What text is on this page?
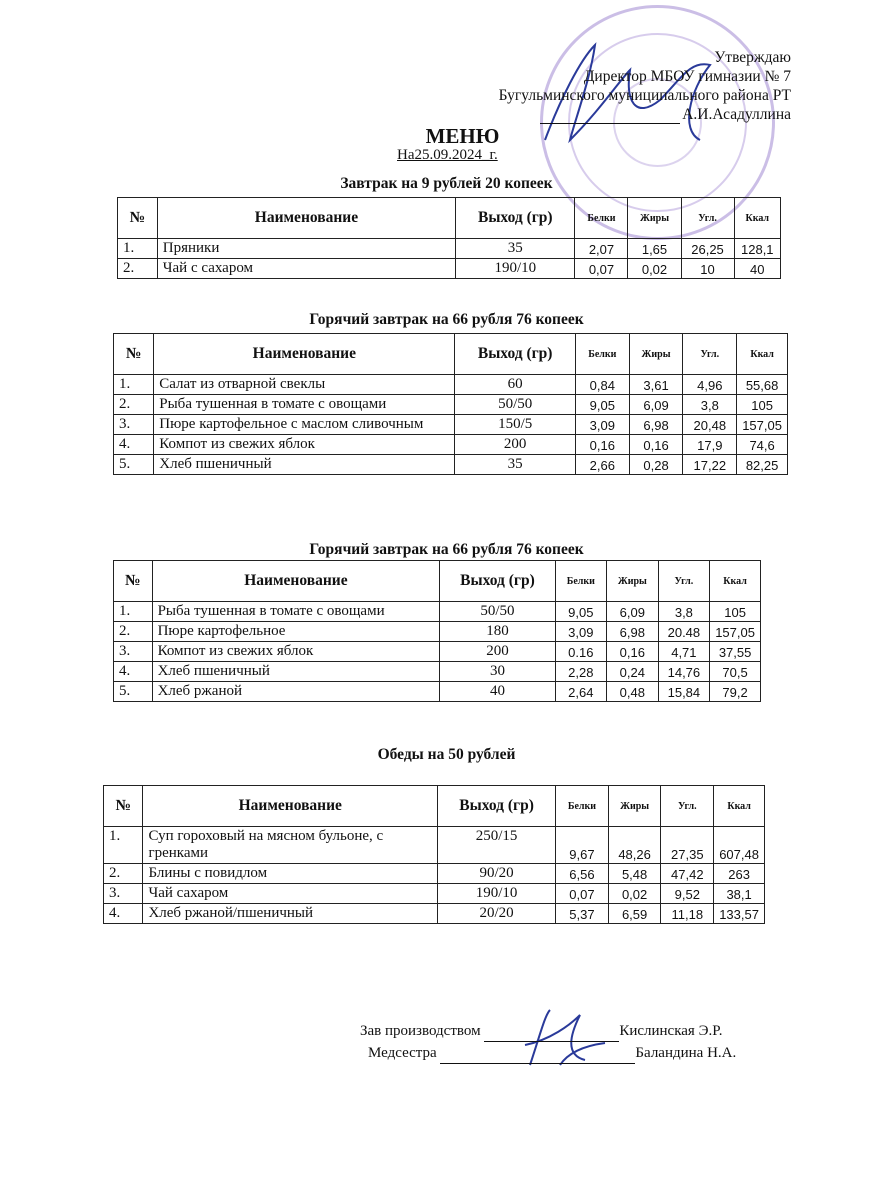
Утверждаю
Директор МБОУ гимназии № 7
Бугульминского муниципального района РТ
А.И.Асадуллина
МЕНЮ
На25.09.2024_г.
Завтрак на 9 рублей 20 копеек
№	Наименование	Выход (гр)	Белки	Жиры	Угл.	Ккал
1.	Пряники	35	2,07	1,65	26,25	128,1
2.	Чай с сахаром	190/10	0,07	0,02	10	40
Горячий завтрак на 66 рубля 76 копеек
№	Наименование	Выход (гр)	Белки	Жиры	Угл.	Ккал
1.	Салат из отварной свеклы	60	0,84	3,61	4,96	55,68
2.	Рыба тушенная в томате с овощами	50/50	9,05	6,09	3,8	105
3.	Пюре картофельное с маслом сливочным	150/5	3,09	6,98	20,48	157,05
4.	Компот из свежих яблок	200	0,16	0,16	17,9	74,6
5.	Хлеб пшеничный	35	2,66	0,28	17,22	82,25
Горячий завтрак на 66 рубля 76 копеек
№	Наименование	Выход (гр)	Белки	Жиры	Угл.	Ккал
1.	Рыба тушенная в томате с овощами	50/50	9,05	6,09	3,8	105
2.	Пюре картофельное	180	3,09	6,98	20.48	157,05
3.	Компот из свежих яблок	200	0.16	0,16	4,71	37,55
4.	Хлеб пшеничный	30	2,28	0,24	14,76	70,5
5.	Хлеб ржаной	40	2,64	0,48	15,84	79,2
Обеды на 50 рублей
№	Наименование	Выход (гр)	Белки	Жиры	Угл.	Ккал
1.	Суп гороховый на мясном бульоне, с гренками	250/15	9,67	48,26	27,35	607,48
2.	Блины с повидлом	90/20	6,56	5,48	47,42	263
3.	Чай сахаром	190/10	0,07	0,02	9,52	38,1
4.	Хлеб ржаной/пшеничный	20/20	5,37	6,59	11,18	133,57
Зав производством	Кислинская Э.Р.
Медсестра	Баландина Н.А.
